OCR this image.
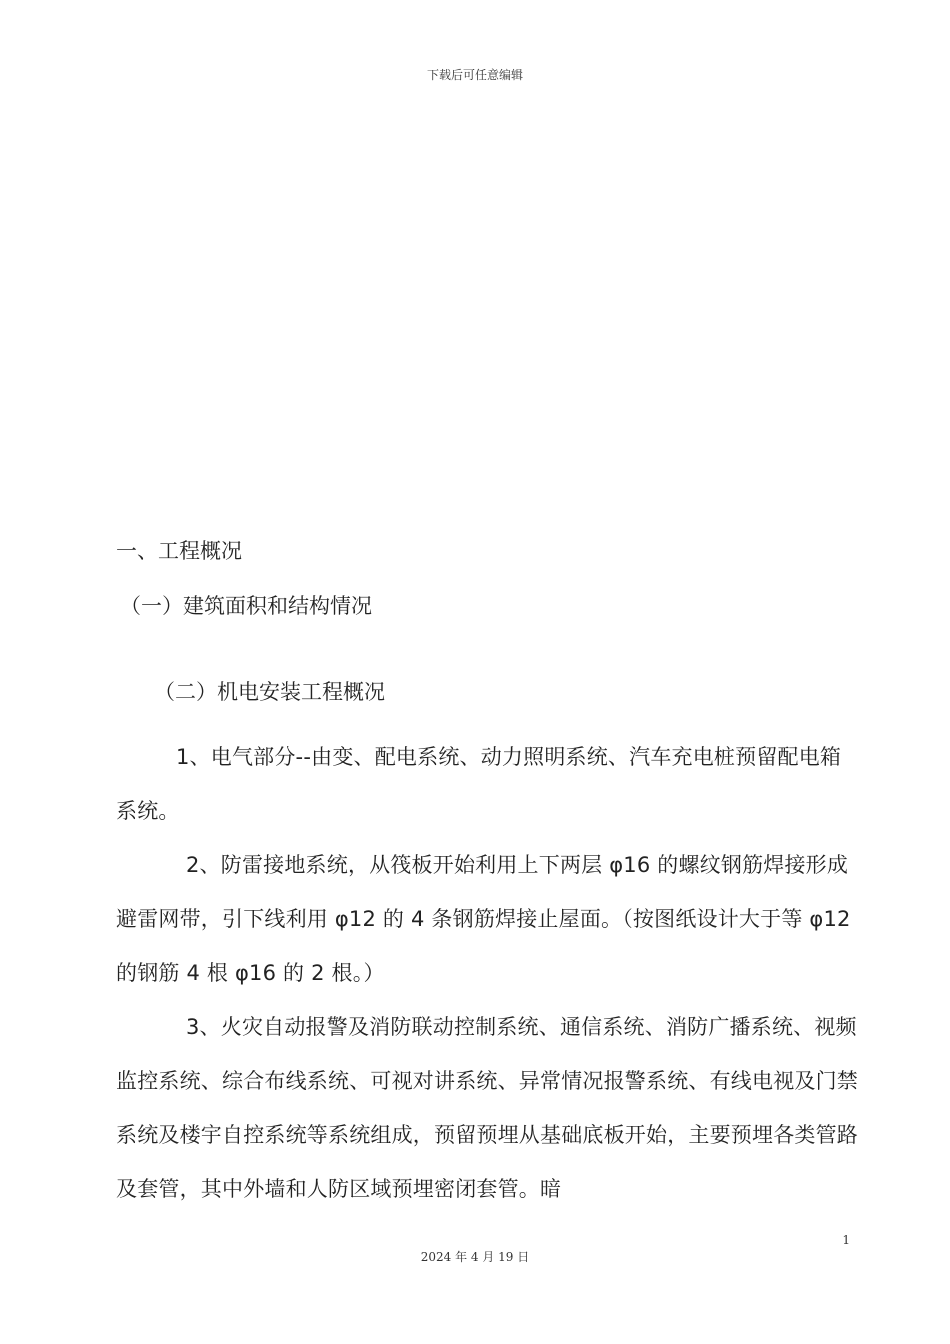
下载后可任意编辑
一、工程概况
（一）建筑面积和结构情况
（二）机电安装工程概况
1、电气部分--由变、配电系统、动力照明系统、汽车充电桩预留配电箱系统。
2、防雷接地系统，从筏板开始利用上下两层 φ16 的螺纹钢筋焊接形成避雷网带，引下线利用 φ12 的 4 条钢筋焊接止屋面。（按图纸设计大于等 φ12 的钢筋 4 根 φ16 的 2 根。）
3、火灾自动报警及消防联动控制系统、通信系统、消防广播系统、视频监控系统、综合布线系统、可视对讲系统、异常情况报警系统、有线电视及门禁系统及楼宇自控系统等系统组成，预留预埋从基础底板开始，主要预埋各类管路及套管，其中外墙和人防区域预埋密闭套管。暗
1
2024 年 4 月 19 日
